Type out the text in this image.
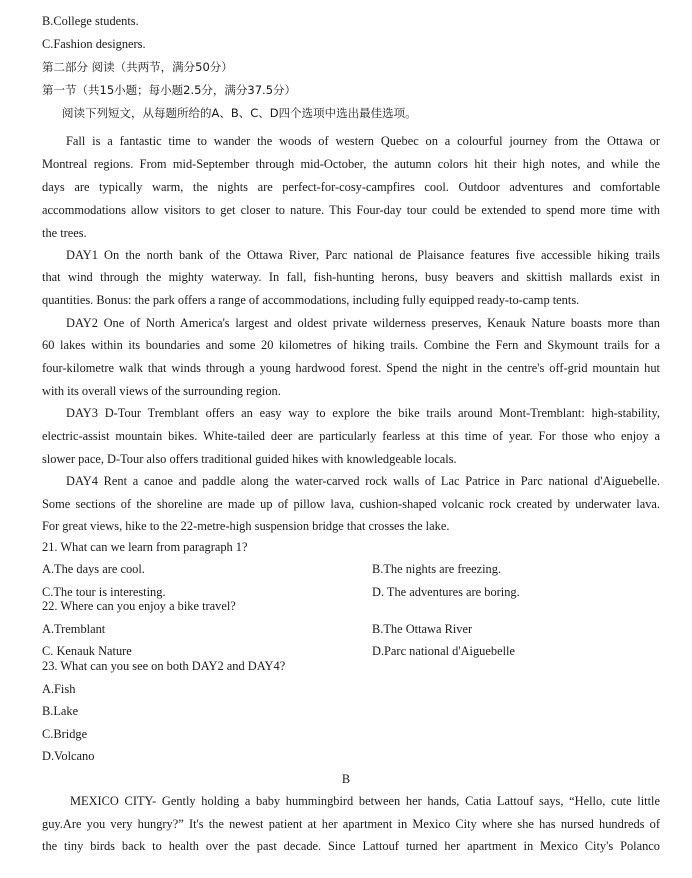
B.College students.
C.Fashion designers.
第二部分 阅读（共两节，满分50分）
第一节（共15小题；每小题2.5分，满分37.5分）
阅读下列短文，从每题所给的A、B、C、D四个选项中选出最佳选项。
Fall is a fantastic time to wander the woods of western Quebec on a colourful journey from the Ottawa or
Montreal regions. From mid-September through mid-October, the autumn colors hit their high notes, and while the
days are typically warm, the nights are perfect-for-cosy-campfires cool. Outdoor adventures and comfortable
accommodations allow visitors to get closer to nature. This Four-day tour could be extended to spend more time with
the trees.
DAY1 On the north bank of the Ottawa River, Parc national de Plaisance features five accessible hiking trails
that wind through the mighty waterway. In fall, fish-hunting herons, busy beavers and skittish mallards exist in
quantities. Bonus: the park offers a range of accommodations, including fully equipped ready-to-camp tents.
DAY2 One of North America's largest and oldest private wilderness preserves, Kenauk Nature boasts more than
60 lakes within its boundaries and some 20 kilometres of hiking trails. Combine the Fern and Skymount trails for a
four-kilometre walk that winds through a young hardwood forest. Spend the night in the centre's off-grid mountain hut
with its overall views of the surrounding region.
DAY3 D-Tour Tremblant offers an easy way to explore the bike trails around Mont-Tremblant: high-stability,
electric-assist mountain bikes. White-tailed deer are particularly fearless at this time of year. For those who enjoy a
slower pace, D-Tour also offers traditional guided hikes with knowledgeable locals.
DAY4 Rent a canoe and paddle along the water-carved rock walls of Lac Patrice in Parc national d'Aiguebelle.
Some sections of the shoreline are made up of pillow lava, cushion-shaped volcanic rock created by underwater lava.
For great views, hike to the 22-metre-high suspension bridge that crosses the lake.
21. What can we learn from paragraph 1?
A.The days are cool.	B.The nights are freezing.
C.The tour is interesting.	D. The adventures are boring.
22. Where can you enjoy a bike travel?
A.Tremblant	B.The Ottawa River
C. Kenauk Nature	D.Parc national d'Aiguebelle
23. What can you see on both DAY2 and DAY4?
A.Fish
B.Lake
C.Bridge
D.Volcano
B
MEXICO CITY- Gently holding a baby hummingbird between her hands, Catia Lattouf says, “Hello, cute little
guy.Are you very hungry?” It's the newest patient at her apartment in Mexico City where she has nursed hundreds of
the tiny birds back to health over the past decade. Since Lattouf turned her apartment in Mexico City's Polanco
